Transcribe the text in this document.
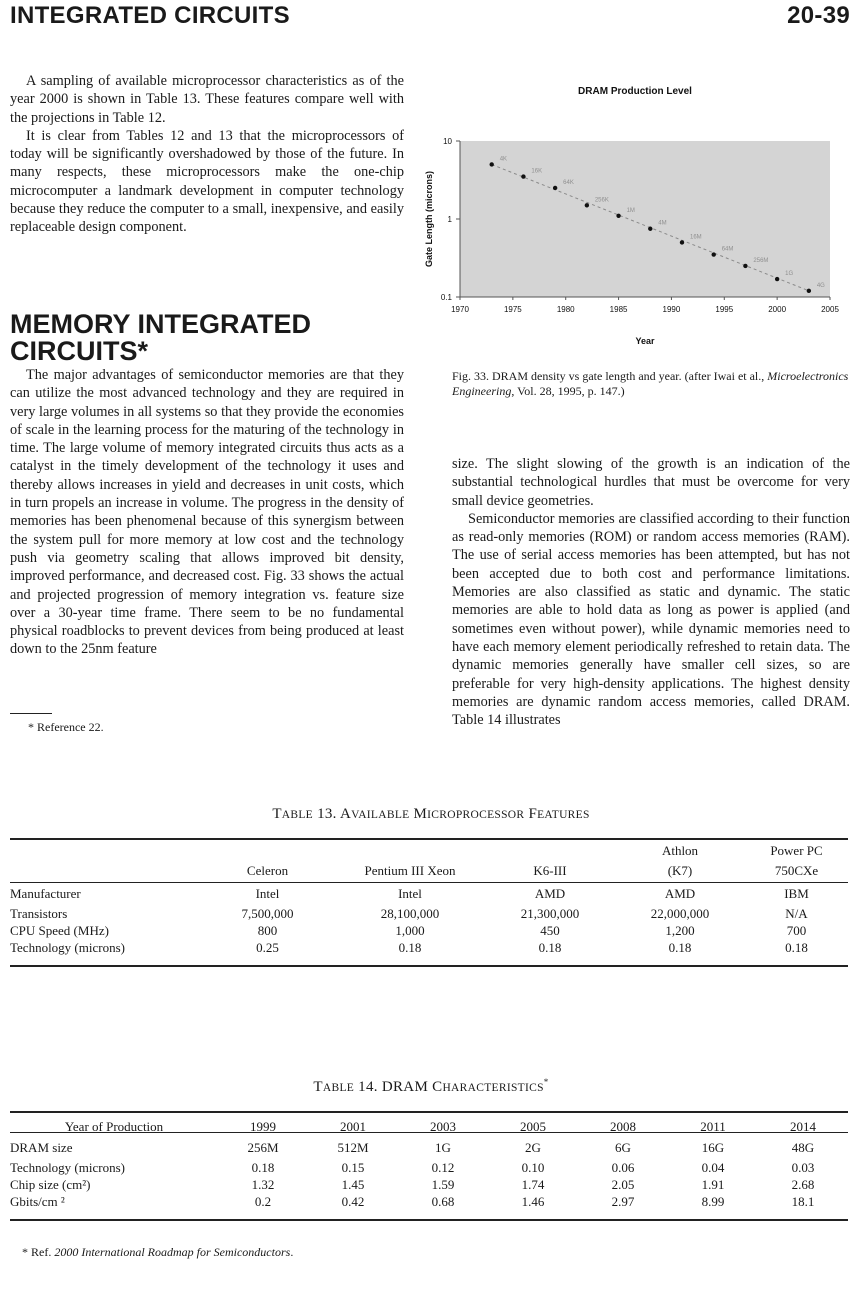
INTEGRATED CIRCUITS	20-39

A sampling of available microprocessor characteristics as of the year 2000 is shown in Table 13. These features compare well with the projections in Table 12.

It is clear from Tables 12 and 13 that the microprocessors of today will be significantly overshadowed by those of the future. In many respects, these microprocessors make the one-chip microcomputer a landmark development in computer technology because they reduce the computer to a small, inexpensive, and easily replaceable design component.

MEMORY INTEGRATED
CIRCUITS*

The major advantages of semiconductor memories are that they can utilize the most advanced technology and they are required in very large volumes in all systems so that they provide the economies of scale in the learning process for the maturing of the technology in time. The large volume of memory integrated circuits thus acts as a catalyst in the timely development of the technology it uses and thereby allows increases in yield and decreases in unit costs, which in turn propels an increase in volume. The progress in the density of memories has been phenomenal because of this synergism between the system pull for more memory at low cost and the technology push via geometry scaling that allows improved bit density, improved performance, and decreased cost. Fig. 33 shows the actual and projected progression of memory integration vs. feature size over a 30-year time frame. There seem to be no fundamental physical roadblocks to prevent devices from being produced at least down to the 25nm feature

* Reference 22.
DRAM Production Level
10
1
0.1
1970	1975	1980	1985	1990	1995	2000	2005
4K
16K
64K
256K
1M
4M
16M
64M
256M
1G
4G
Year
Gate Length (microns)
Fig. 33. DRAM density vs gate length and year. (after Iwai et al., Microelectronics Engineering, Vol. 28, 1995, p. 147.)

size. The slight slowing of the growth is an indication of the substantial technological hurdles that must be overcome for very small device geometries.

Semiconductor memories are classified according to their function as read-only memories (ROM) or random access memories (RAM). The use of serial access memories has been attempted, but has not been accepted due to both cost and performance limitations. Memories are also classified as static and dynamic. The static memories are able to hold data as long as power is applied (and sometimes even without power), while dynamic memories need to have each memory element periodically refreshed to retain data. The dynamic memories generally have smaller cell sizes, so are preferable for very high-density applications. The highest density memories are dynamic random access memories, called DRAM. Table 14 illustrates

TABLE 13. AVAILABLE MICROPROCESSOR FEATURES
				Athlon	Power PC
	Celeron	Pentium III Xeon	K6-III	(K7)	750CXe
Manufacturer	Intel	Intel	AMD	AMD	IBM
Transistors	7,500,000	28,100,000	21,300,000	22,000,000	N/A
CPU Speed (MHz)	800	1,000	450	1,200	700
Technology (microns)	0.25	0.18	0.18	0.18	0.18
TABLE 14. DRAM CHARACTERISTICS*
Year of Production	1999	2001	2003	2005	2008	2011	2014
DRAM size	256M	512M	1G	2G	6G	16G	48G
Technology (microns)	0.18	0.15	0.12	0.10	0.06	0.04	0.03
Chip size (cm²)	1.32	1.45	1.59	1.74	2.05	1.91	2.68
Gbits/cm ²	0.2	0.42	0.68	1.46	2.97	8.99	18.1
* Ref. 2000 International Roadmap for Semiconductors.
